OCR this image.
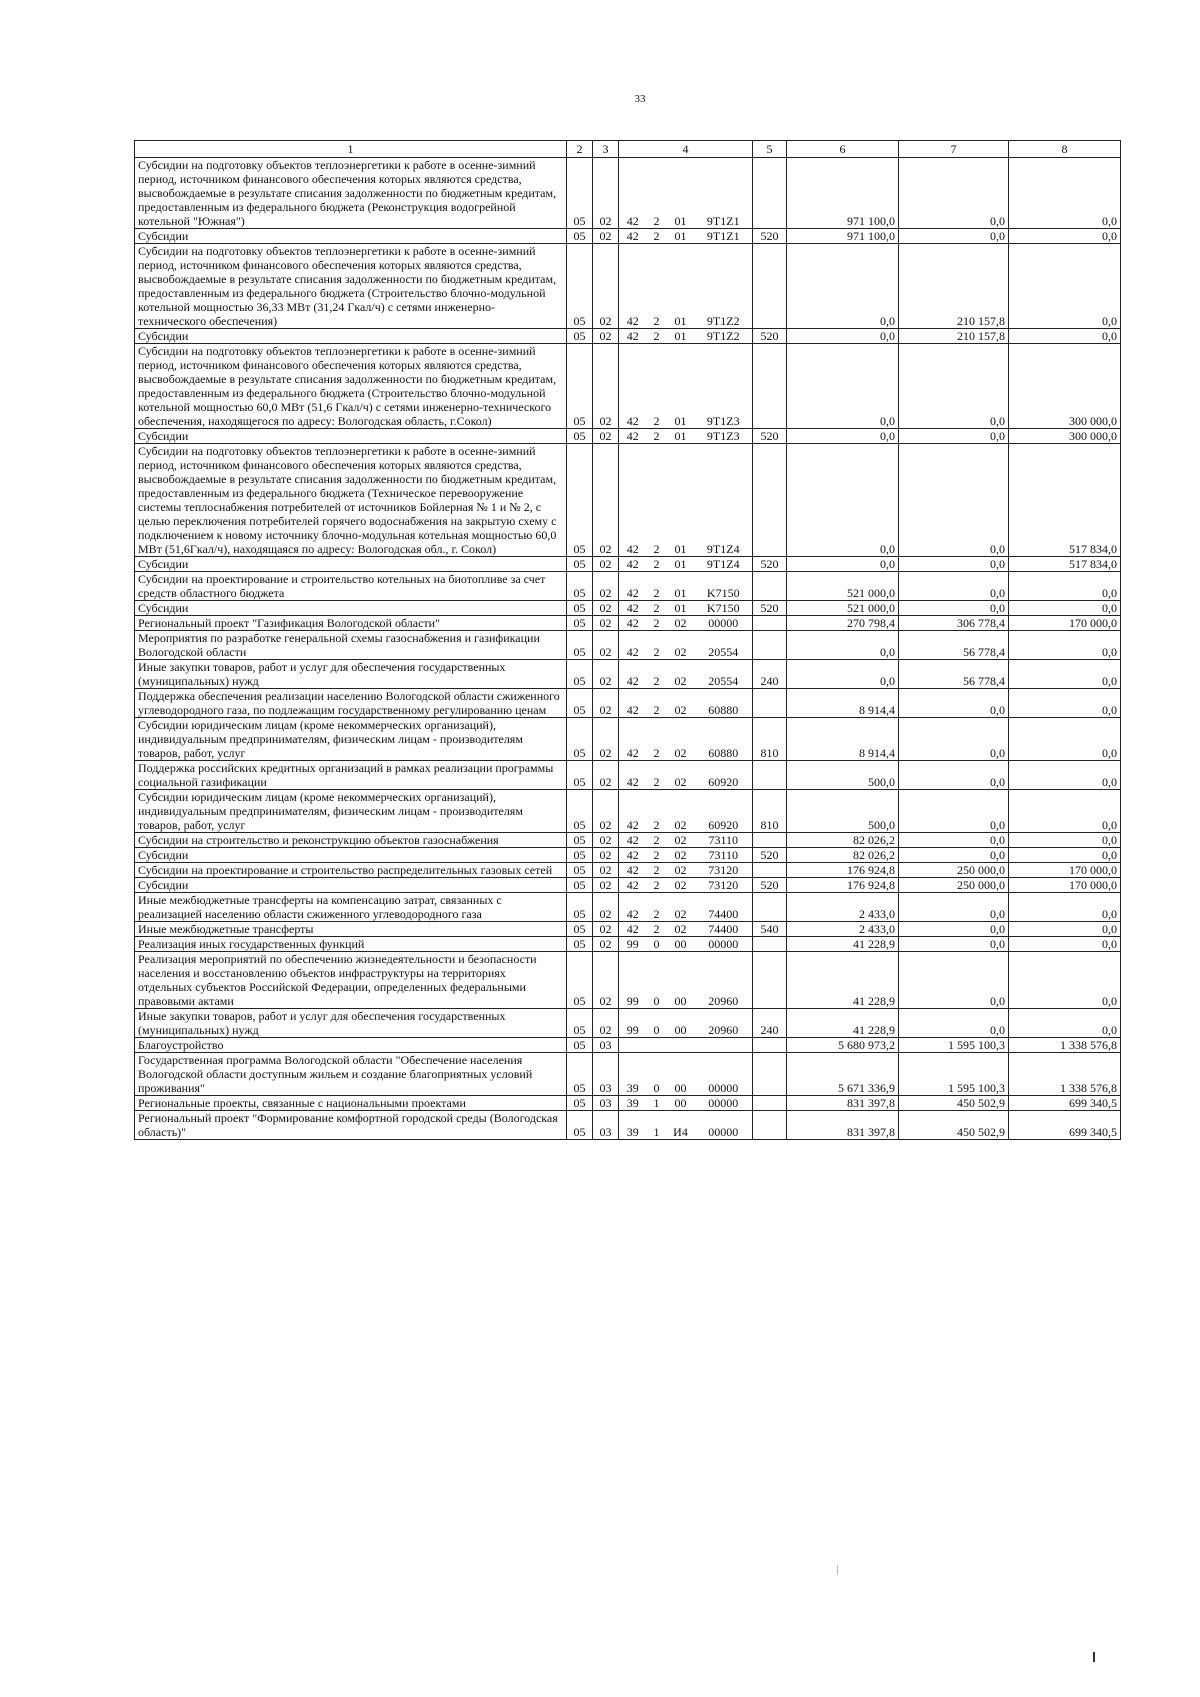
33
1	2	3	4				5	6	7	8
Субсидии на подготовку объектов теплоэнергетики к работе в осенне-зимний период, источником финансового обеспечения которых являются средства, высвобождаемые в результате списания задолженности по бюджетным кредитам, предоставленным из федерального бюджета (Реконструкция водогрейной котельной "Южная")	05	02	42	2	01	9T1Z1		971 100,0	0,0	0,0
Субсидии	05	02	42	2	01	9T1Z1	520	971 100,0	0,0	0,0
Субсидии на подготовку объектов теплоэнергетики к работе в осенне-зимний период, источником финансового обеспечения которых являются средства, высвобождаемые в результате списания задолженности по бюджетным кредитам, предоставленным из федерального бюджета (Строительство блочно-модульной котельной мощностью 36,33 МВт (31,24 Гкал/ч) с сетями инженерно-технического обеспечения)	05	02	42	2	01	9T1Z2		0,0	210 157,8	0,0
Субсидии	05	02	42	2	01	9T1Z2	520	0,0	210 157,8	0,0
Субсидии на подготовку объектов теплоэнергетики к работе в осенне-зимний период, источником финансового обеспечения которых являются средства, высвобождаемые в результате списания задолженности по бюджетным кредитам, предоставленным из федерального бюджета (Строительство блочно-модульной котельной мощностью 60,0 МВт (51,6 Гкал/ч) с сетями инженерно-технического обеспечения, находящегося по адресу: Вологодская область, г.Сокол)	05	02	42	2	01	9T1Z3		0,0	0,0	300 000,0
Субсидии	05	02	42	2	01	9T1Z3	520	0,0	0,0	300 000,0
Субсидии на подготовку объектов теплоэнергетики к работе в осенне-зимний период, источником финансового обеспечения которых являются средства, высвобождаемые в результате списания задолженности по бюджетным кредитам, предоставленным из федерального бюджета (Техническое перевооружение системы теплоснабжения потребителей от источников Бойлерная № 1 и № 2, с целью переключения потребителей горячего водоснабжения на закрытую схему с подключением к новому источнику блочно-модульная котельная мощностью 60,0 МВт (51,6Гкал/ч), находящаяся по адресу: Вологодская обл., г. Сокол)	05	02	42	2	01	9T1Z4		0,0	0,0	517 834,0
Субсидии	05	02	42	2	01	9T1Z4	520	0,0	0,0	517 834,0
Субсидии на проектирование и строительство котельных на биотопливе за счет средств областного бюджета	05	02	42	2	01	K7150		521 000,0	0,0	0,0
Субсидии	05	02	42	2	01	K7150	520	521 000,0	0,0	0,0
Региональный проект "Газификация Вологодской области"	05	02	42	2	02	00000		270 798,4	306 778,4	170 000,0
Мероприятия по разработке генеральной схемы газоснабжения и газификации Вологодской области	05	02	42	2	02	20554		0,0	56 778,4	0,0
Иные закупки товаров, работ и услуг для обеспечения государственных (муниципальных) нужд	05	02	42	2	02	20554	240	0,0	56 778,4	0,0
Поддержка обеспечения реализации населению Вологодской области сжиженного углеводородного газа, по подлежащим государственному регулированию ценам	05	02	42	2	02	60880		8 914,4	0,0	0,0
Субсидии юридическим лицам (кроме некоммерческих организаций), индивидуальным предпринимателям, физическим лицам - производителям товаров, работ, услуг	05	02	42	2	02	60880	810	8 914,4	0,0	0,0
Поддержка российских кредитных организаций в рамках реализации программы социальной газификации	05	02	42	2	02	60920		500,0	0,0	0,0
Субсидии юридическим лицам (кроме некоммерческих организаций), индивидуальным предпринимателям, физическим лицам - производителям товаров, работ, услуг	05	02	42	2	02	60920	810	500,0	0,0	0,0
Субсидии на строительство и реконструкцию объектов газоснабжения	05	02	42	2	02	73110		82 026,2	0,0	0,0
Субсидии	05	02	42	2	02	73110	520	82 026,2	0,0	0,0
Субсидии на проектирование и строительство распределительных газовых сетей	05	02	42	2	02	73120		176 924,8	250 000,0	170 000,0
Субсидии	05	02	42	2	02	73120	520	176 924,8	250 000,0	170 000,0
Иные межбюджетные трансферты на компенсацию затрат, связанных с реализацией населению области сжиженного углеводородного газа	05	02	42	2	02	74400		2 433,0	0,0	0,0
Иные межбюджетные трансферты	05	02	42	2	02	74400	540	2 433,0	0,0	0,0
Реализация иных государственных функций	05	02	99	0	00	00000		41 228,9	0,0	0,0
Реализация мероприятий по обеспечению жизнедеятельности и безопасности населения и восстановлению объектов инфраструктуры на территориях отдельных субъектов Российской Федерации, определенных федеральными правовыми актами	05	02	99	0	00	20960		41 228,9	0,0	0,0
Иные закупки товаров, работ и услуг для обеспечения государственных (муниципальных) нужд	05	02	99	0	00	20960	240	41 228,9	0,0	0,0
Благоустройство	05	03						5 680 973,2	1 595 100,3	1 338 576,8
Государственная программа Вологодской области "Обеспечение населения Вологодской области доступным жильем и создание благоприятных условий проживания"	05	03	39	0	00	00000		5 671 336,9	1 595 100,3	1 338 576,8
Региональные проекты, связанные с национальными проектами	05	03	39	1	00	00000		831 397,8	450 502,9	699 340,5
Региональный проект "Формирование комфортной городской среды (Вологодская область)"	05	03	39	1	И4	00000		831 397,8	450 502,9	699 340,5
